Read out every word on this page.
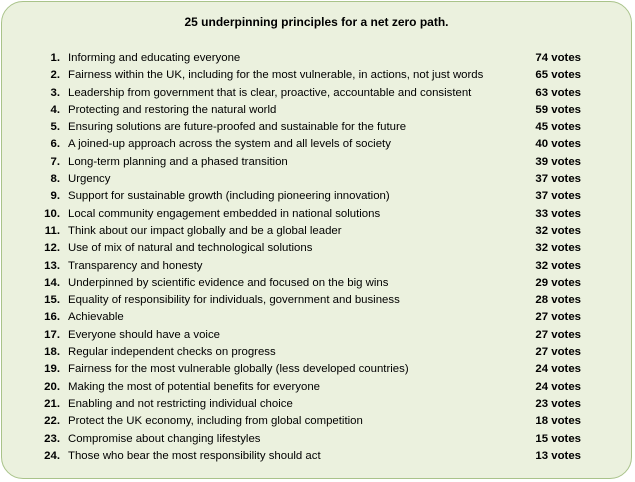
25 underpinning principles for a net zero path.
1. Informing and educating everyone	74 votes
2. Fairness within the UK, including for the most vulnerable, in actions, not just words	65 votes
3. Leadership from government that is clear, proactive, accountable and consistent	63 votes
4. Protecting and restoring the natural world	59 votes
5. Ensuring solutions are future-proofed and sustainable for the future	45 votes
6. A joined-up approach across the system and all levels of society	40 votes
7. Long-term planning and a phased transition	39 votes
8. Urgency	37 votes
9. Support for sustainable growth (including pioneering innovation)	37 votes
10. Local community engagement embedded in national solutions	33 votes
11. Think about our impact globally and be a global leader	32 votes
12. Use of mix of natural and technological solutions	32 votes
13. Transparency and honesty	32 votes
14. Underpinned by scientific evidence and focused on the big wins	29 votes
15. Equality of responsibility for individuals, government and business	28 votes
16. Achievable	27 votes
17. Everyone should have a voice	27 votes
18. Regular independent checks on progress	27 votes
19. Fairness for the most vulnerable globally (less developed countries)	24 votes
20. Making the most of potential benefits for everyone	24 votes
21. Enabling and not restricting individual choice	23 votes
22. Protect the UK economy, including from global competition	18 votes
23. Compromise about changing lifestyles	15 votes
24. Those who bear the most responsibility should act	13 votes
